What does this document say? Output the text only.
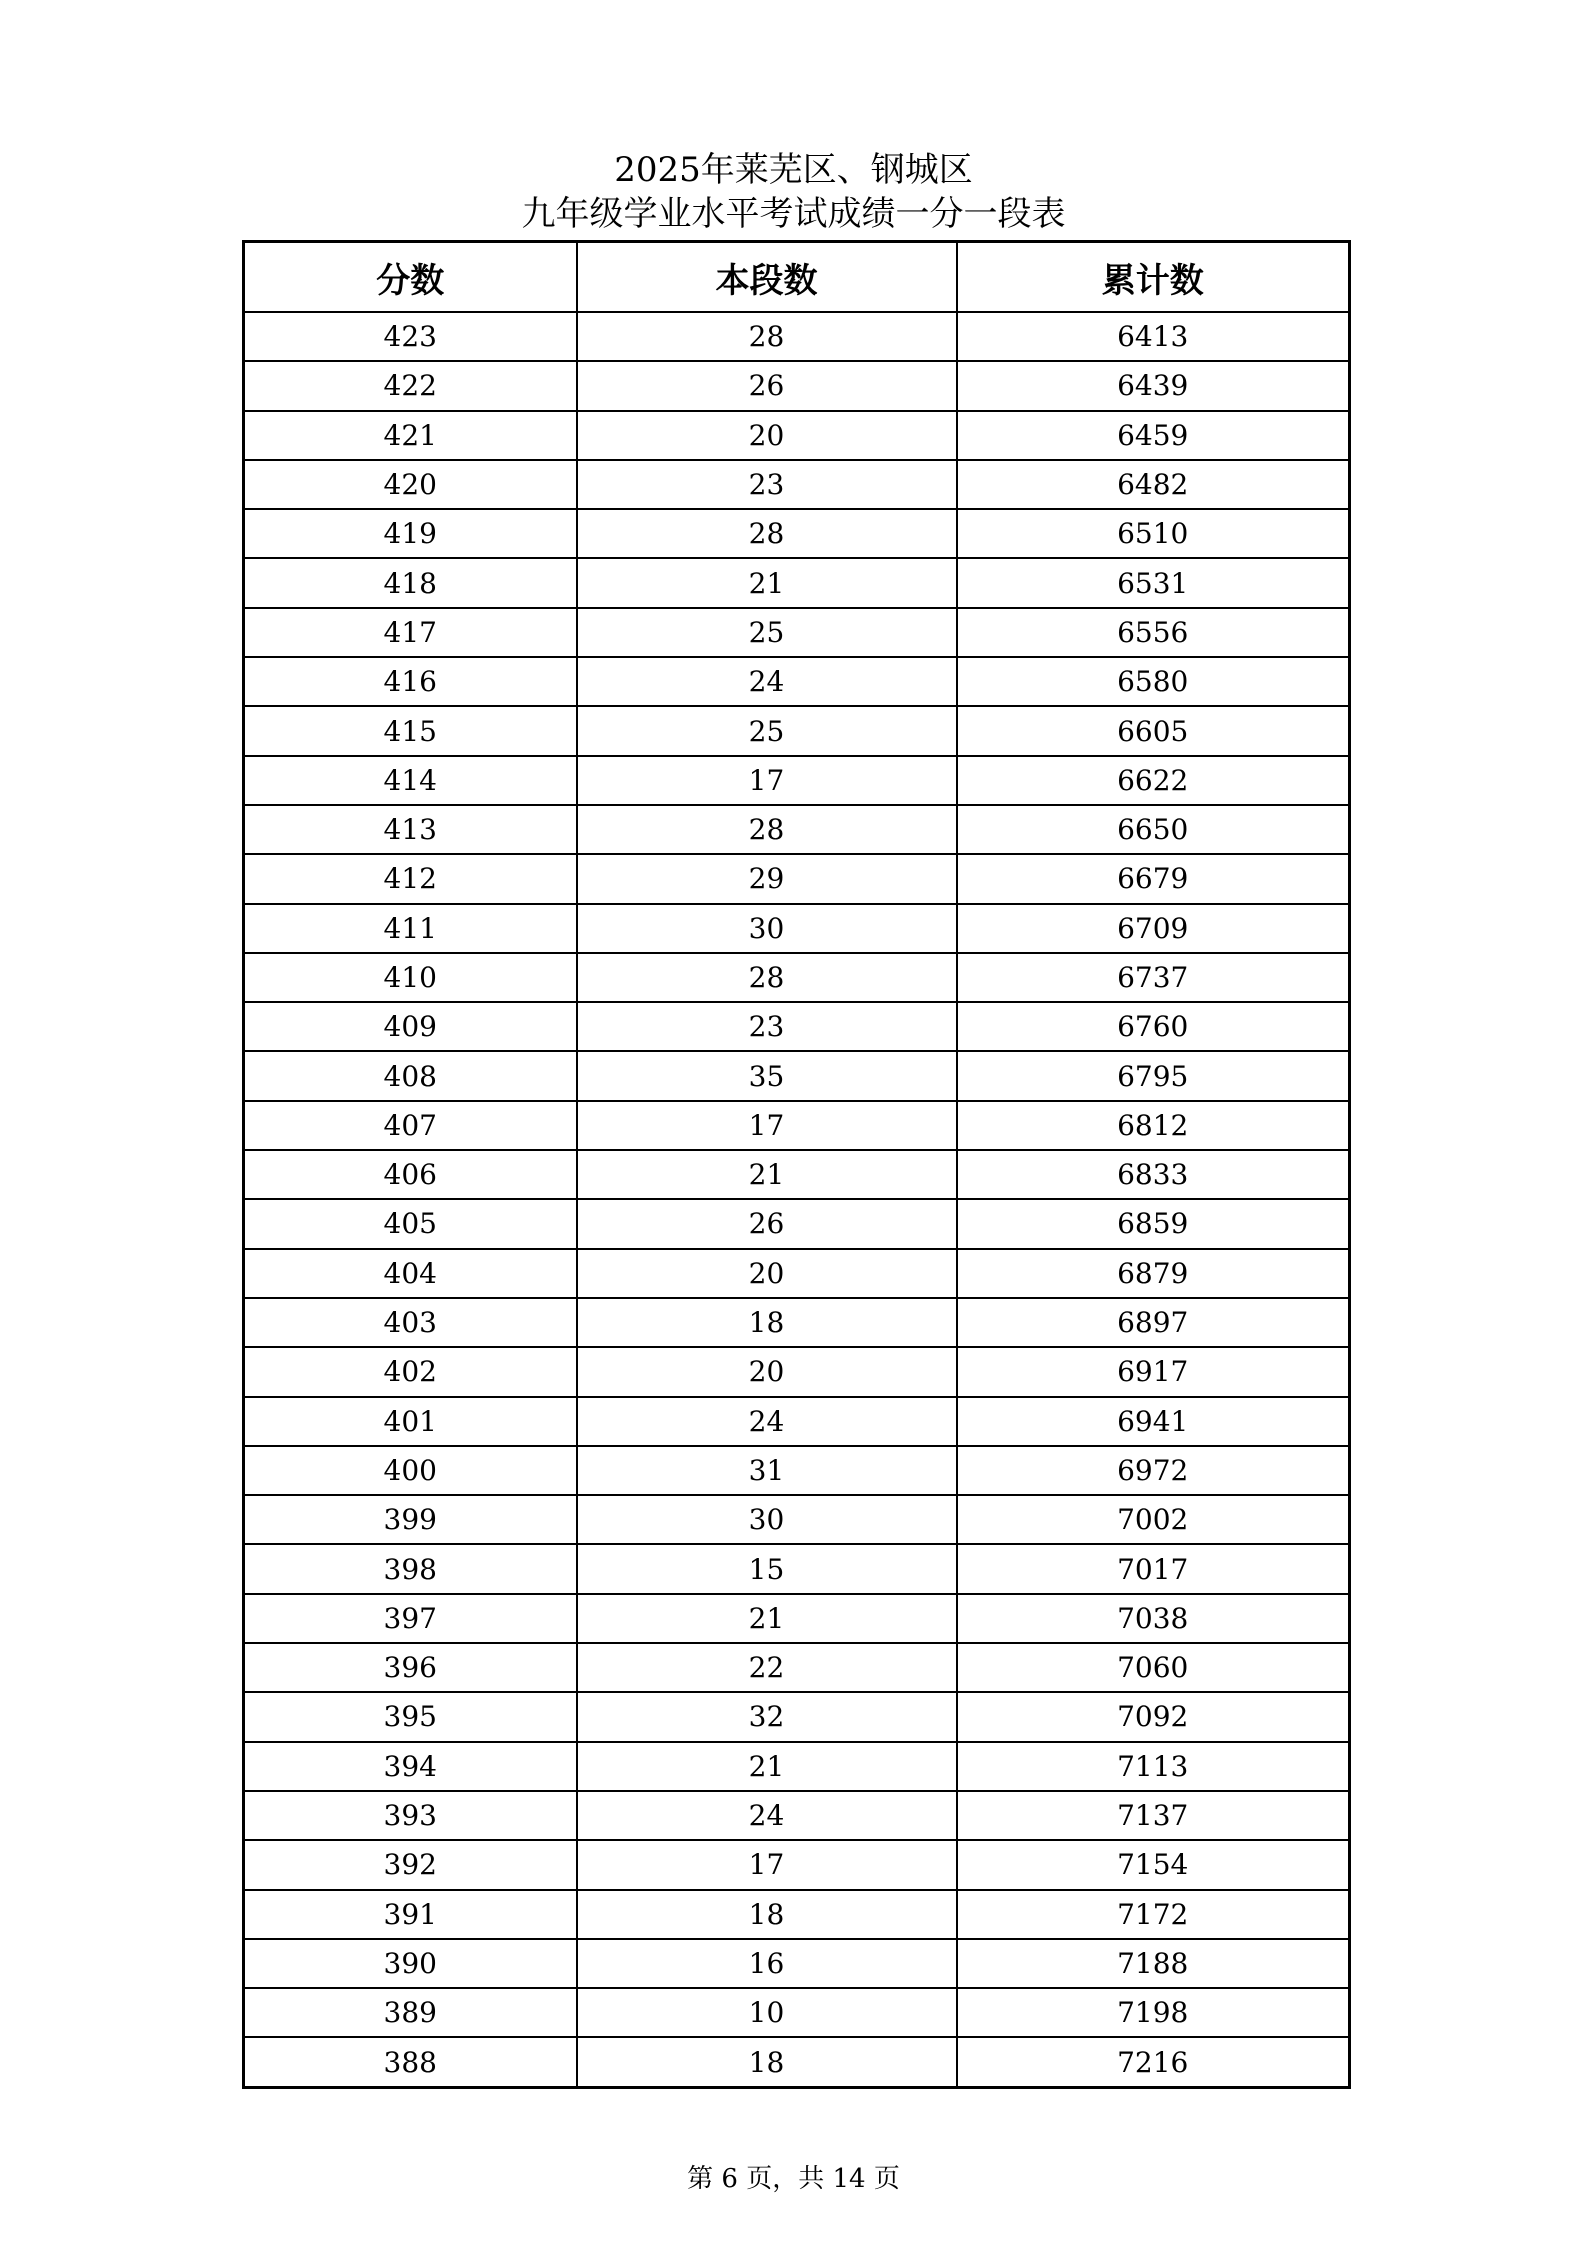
2025年莱芜区、钢城区
九年级学业水平考试成绩一分一段表
分数	本段数	累计数
423	28	6413
422	26	6439
421	20	6459
420	23	6482
419	28	6510
418	21	6531
417	25	6556
416	24	6580
415	25	6605
414	17	6622
413	28	6650
412	29	6679
411	30	6709
410	28	6737
409	23	6760
408	35	6795
407	17	6812
406	21	6833
405	26	6859
404	20	6879
403	18	6897
402	20	6917
401	24	6941
400	31	6972
399	30	7002
398	15	7017
397	21	7038
396	22	7060
395	32	7092
394	21	7113
393	24	7137
392	17	7154
391	18	7172
390	16	7188
389	10	7198
388	18	7216
第 6 页，共 14 页
